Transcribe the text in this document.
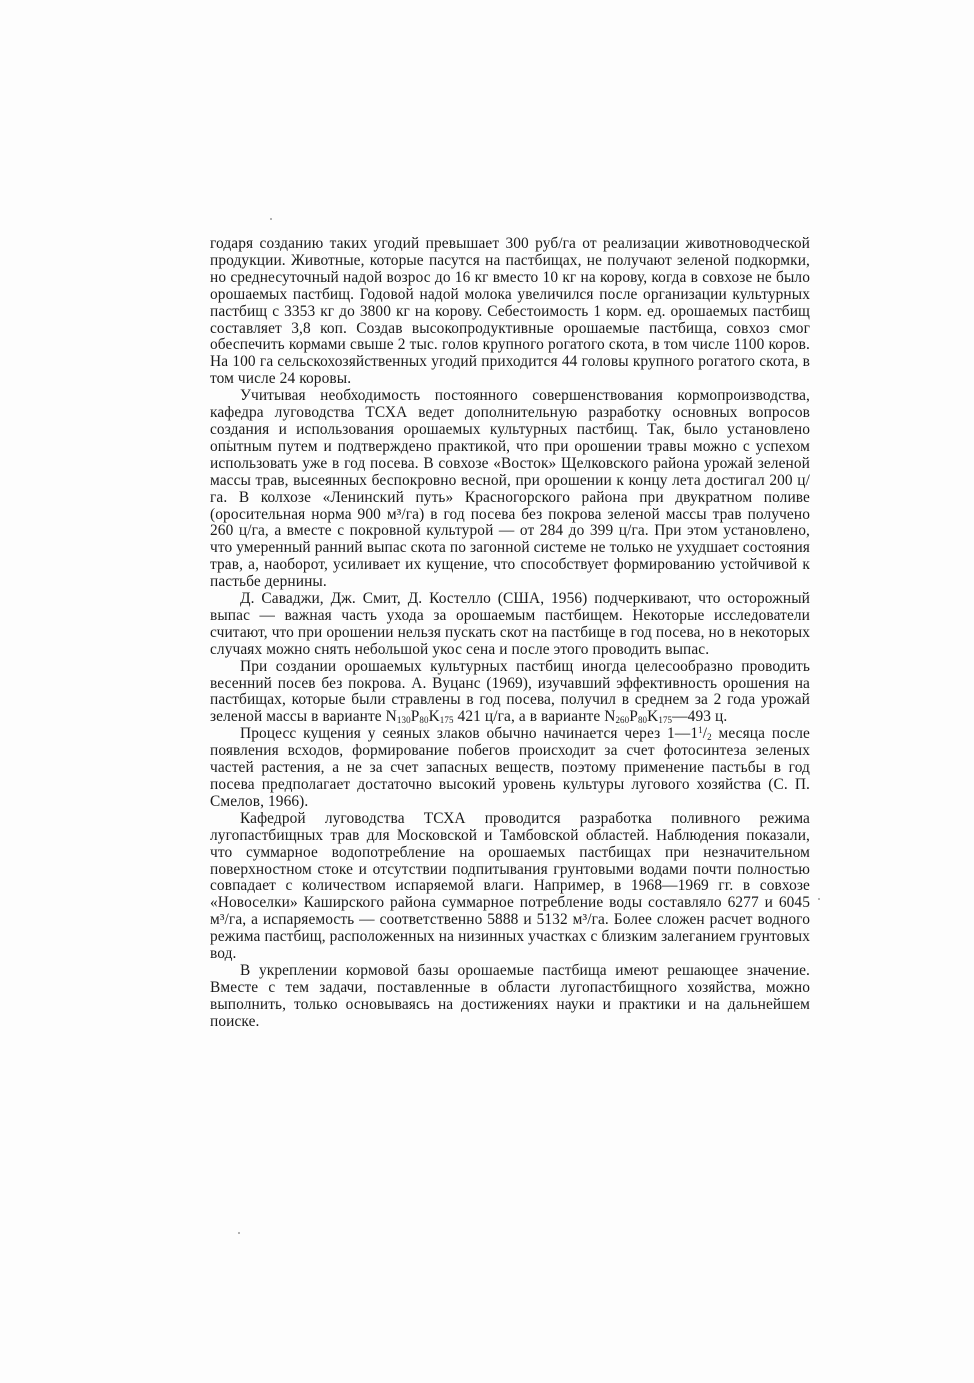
годаря созданию таких угодий превышает 300 руб/га от реализации животноводческой продукции. Животные, которые пасутся на пастбищах, не получают зеленой подкормки, но среднесуточный надой возрос до 16 кг вместо 10 кг на корову, когда в совхозе не было орошаемых пастбищ. Годовой надой молока увеличился после организации культурных пастбищ с 3353 кг до 3800 кг на корову. Себестоимость 1 корм. ед. орошаемых пастбищ составляет 3,8 коп. Создав высокопродуктивные орошаемые пастбища, совхоз смог обеспечить кормами свыше 2 тыс. голов крупного рогатого скота, в том числе 1100 коров. На 100 га сельскохозяйственных угодий приходится 44 головы крупного рогатого скота, в том числе 24 коровы.

Учитывая необходимость постоянного совершенствования кормопроизводства, кафедра луговодства ТСХА ведет дополнительную разработку основных вопросов создания и использования орошаемых культурных пастбищ. Так, было установлено опытным путем и подтверждено практикой, что при орошении травы можно с успехом использовать уже в год посева. В совхозе «Восток» Щелковского района урожай зеленой массы трав, высеянных беспокровно весной, при орошении к концу лета достигал 200 ц/га. В колхозе «Ленинский путь» Красногорского района при двукратном поливе (оросительная норма 900 м³/га) в год посева без покрова зеленой массы трав получено 260 ц/га, а вместе с покровной культурой — от 284 до 399 ц/га. При этом установлено, что умеренный ранний выпас скота по загонной системе не только не ухудшает состояния трав, а, наоборот, усиливает их кущение, что способствует формированию устойчивой к пастьбе дернины.

Д. Саваджи, Дж. Смит, Д. Костелло (США, 1956) подчеркивают, что осторожный выпас — важная часть ухода за орошаемым пастбищем. Некоторые исследователи считают, что при орошении нельзя пускать скот на пастбище в год посева, но в некоторых случаях можно снять небольшой укос сена и после этого проводить выпас.

При создании орошаемых культурных пастбищ иногда целесообразно проводить весенний посев без покрова. А. Вуцанс (1969), изучавший эффективность орошения на пастбищах, которые были стравлены в год посева, получил в среднем за 2 года урожай зеленой массы в варианте $N_{130}P_{80}K_{175}$ 421 ц/га, а в варианте $N_{260}P_{80}K_{175}—493$ ц.

Процесс кущения у сеяных злаков обычно начинается через $1—1^1/_2$ месяца после появления всходов, формирование побегов происходит за счет фотосинтеза зеленых частей растения, а не за счет запасных веществ, поэтому применение пастьбы в год посева предполагает достаточно высокий уровень культуры лугового хозяйства (С. П. Смелов, 1966).

Кафедрой луговодства ТСХА проводится разработка поливного режима лугопастбищных трав для Московской и Тамбовской областей. Наблюдения показали, что суммарное водопотребление на орошаемых пастбищах при незначительном поверхностном стоке и отсутствии подпитывания грунтовыми водами почти полностью совпадает с количеством испаряемой влаги. Например, в 1968—1969 гг. в совхозе «Новоселки» Каширского района суммарное потребление воды составляло 6277 и 6045 м³/га, а испаряемость — соответственно 5888 и 5132 м³/га. Более сложен расчет водного режима пастбищ, расположенных на низинных участках с близким залеганием грунтовых вод.

В укреплении кормовой базы орошаемые пастбища имеют решающее значение. Вместе с тем задачи, поставленные в области лугопастбищного хозяйства, можно выполнить, только основываясь на достижениях науки и практики и на дальнейшем поиске.
